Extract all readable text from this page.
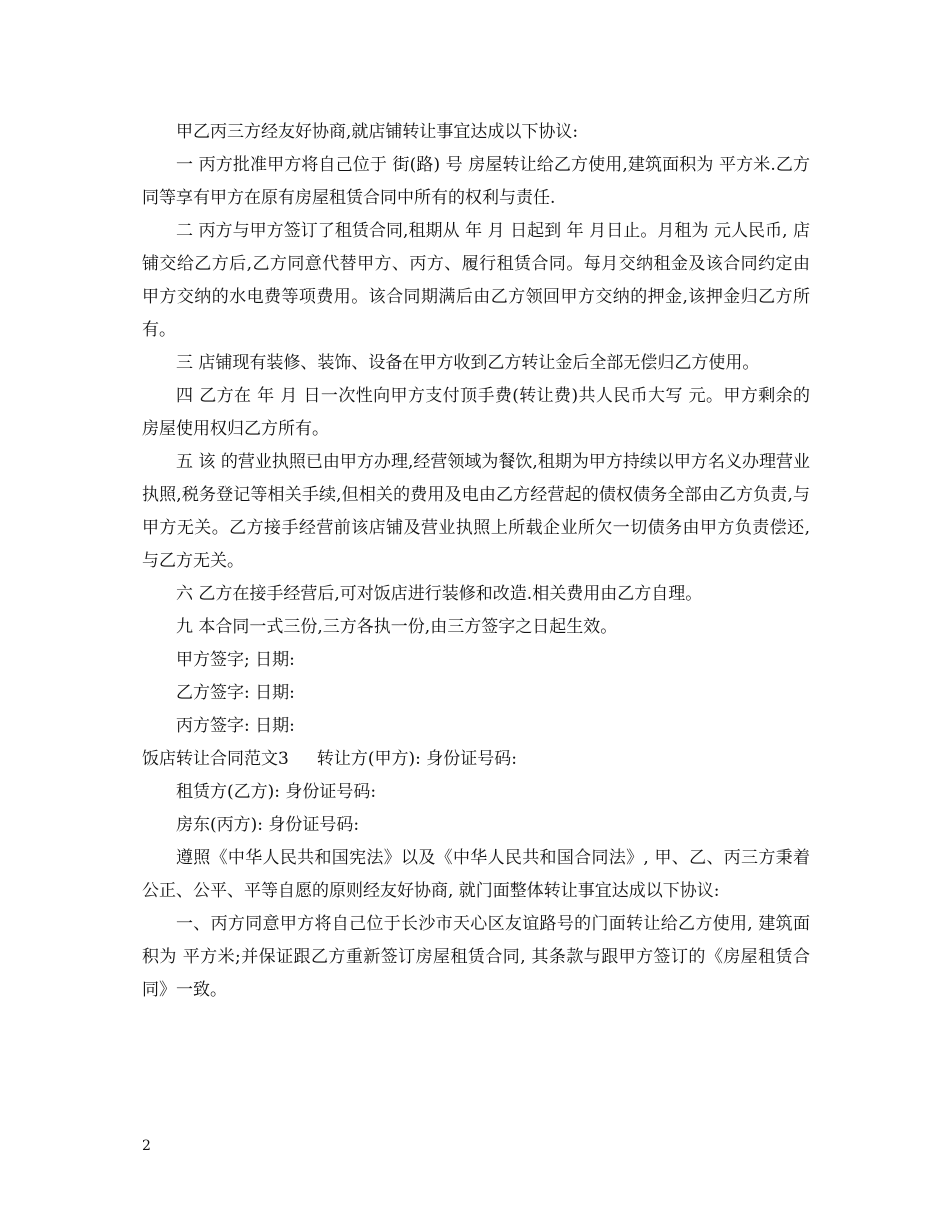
甲乙丙三方经友好协商,就店铺转让事宜达成以下协议:

一 丙方批准甲方将自己位于 街(路) 号 房屋转让给乙方使用,建筑面积为 平方米.乙方同等享有甲方在原有房屋租赁合同中所有的权利与责任.

二 丙方与甲方签订了租赁合同,租期从 年 月 日起到 年 月日止。月租为 元人民币, 店铺交给乙方后,乙方同意代替甲方、丙方、履行租赁合同。每月交纳租金及该合同约定由甲方交纳的水电费等项费用。该合同期满后由乙方领回甲方交纳的押金,该押金归乙方所有。

三 店铺现有装修、装饰、设备在甲方收到乙方转让金后全部无偿归乙方使用。

四 乙方在 年 月 日一次性向甲方支付顶手费(转让费)共人民币大写 元。甲方剩余的房屋使用权归乙方所有。

五 该 的营业执照已由甲方办理,经营领域为餐饮,租期为甲方持续以甲方名义办理营业执照,税务登记等相关手续,但相关的费用及电由乙方经营起的债权债务全部由乙方负责,与甲方无关。乙方接手经营前该店铺及营业执照上所载企业所欠一切债务由甲方负责偿还,与乙方无关。

六 乙方在接手经营后,可对饭店进行装修和改造.相关费用由乙方自理。

九 本合同一式三份,三方各执一份,由三方签字之日起生效。

甲方签字; 日期:

乙方签字: 日期:

丙方签字: 日期:

饭店转让合同范文3 转让方(甲方): 身份证号码:

租赁方(乙方): 身份证号码:

房东(丙方): 身份证号码:

遵照《中华人民共和国宪法》以及《中华人民共和国合同法》, 甲、乙、丙三方秉着公正、公平、平等自愿的原则经友好协商, 就门面整体转让事宜达成以下协议:

一、丙方同意甲方将自己位于长沙市天心区友谊路号的门面转让给乙方使用, 建筑面积为 平方米;并保证跟乙方重新签订房屋租赁合同, 其条款与跟甲方签订的《房屋租赁合同》一致。

2
